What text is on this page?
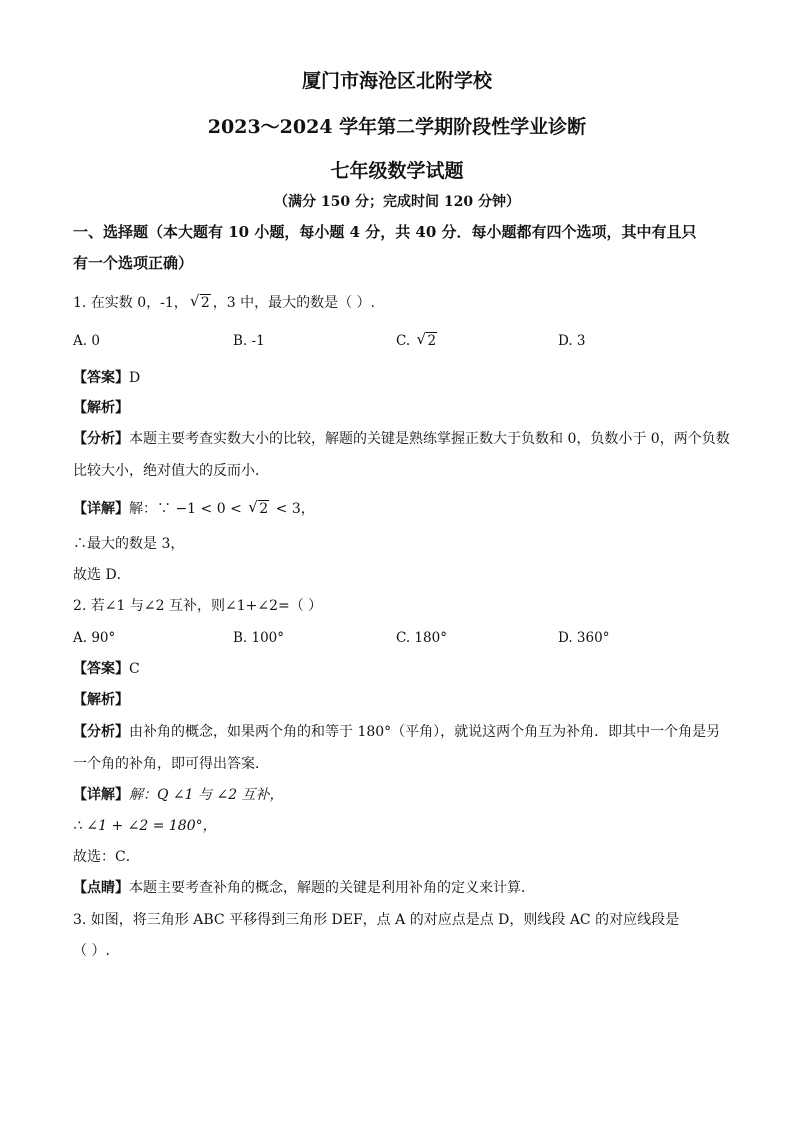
厦门市海沧区北附学校
2023～2024 学年第二学期阶段性学业诊断
七年级数学试题
（满分 150 分；完成时间 120 分钟）
一、选择题（本大题有 10 小题，每小题 4 分，共 40 分．每小题都有四个选项，其中有且只
有一个选项正确）
1. 在实数 0，-1， √ 2 ，3 中，最大的数是（ ）.
A. 0	B. -1	C. √ 2	D. 3
【答案】D
【解析】
【分析】本题主要考查实数大小的比较，解题的关键是熟练掌握正数大于负数和 0，负数小于 0，两个负数
比较大小，绝对值大的反而小．
【详解】解：∵ −1 < 0 < √ 2 < 3，
∴最大的数是 3，
故选 D．
2. 若∠1 与∠2 互补，则∠1+∠2=（ ）
A. 90°	B. 100°	C. 180°	D. 360°
【答案】C
【解析】
【分析】由补角的概念，如果两个角的和等于 180°（平角），就说这两个角互为补角．即其中一个角是另
一个角的补角，即可得出答案．
【详解】解：Q ∠1 与 ∠2 互补，
∴ ∠1 + ∠2 = 180°，
故选：C．
【点睛】本题主要考查补角的概念，解题的关键是利用补角的定义来计算．
3. 如图，将三角形 ABC 平移得到三角形 DEF，点 A 的对应点是点 D，则线段 AC 的对应线段是
（ ）.
